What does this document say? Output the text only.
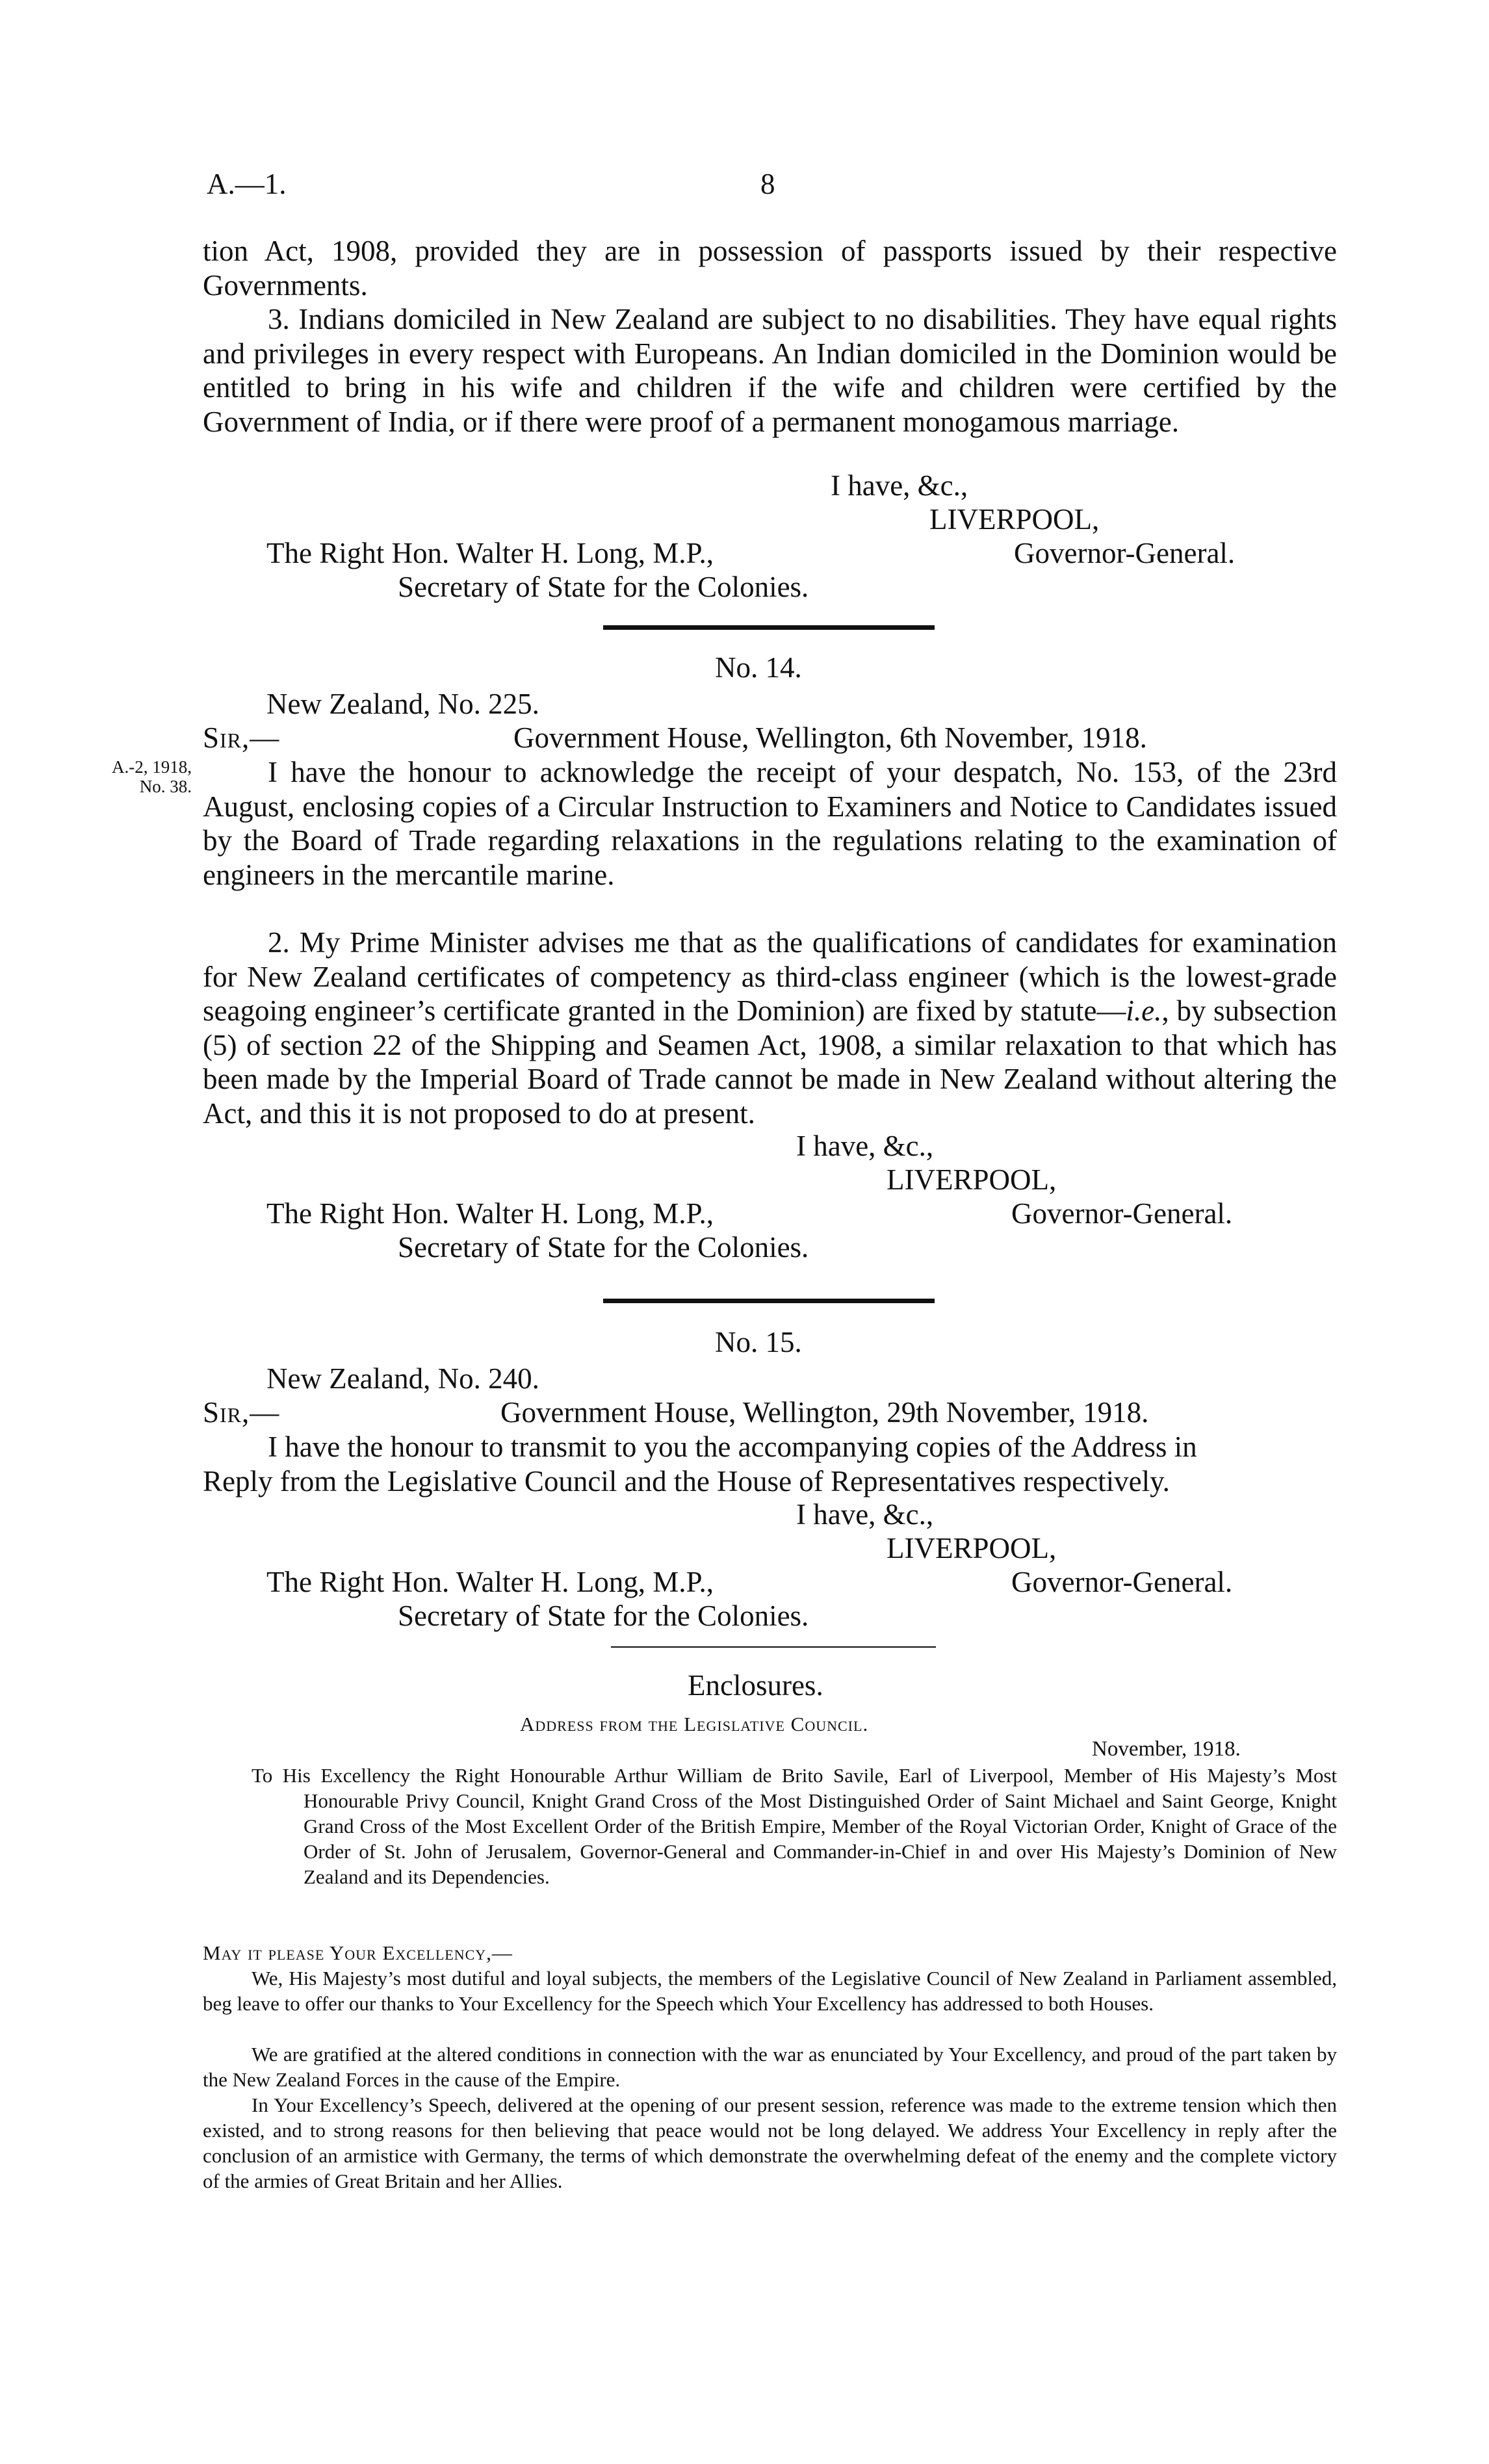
A.—1.	8
tion Act, 1908, provided they are in possession of passports issued by their respective Governments.
3. Indians domiciled in New Zealand are subject to no disabilities. They have equal rights and privileges in every respect with Europeans. An Indian domiciled in the Dominion would be entitled to bring in his wife and children if the wife and children were certified by the Government of India, or if there were proof of a permanent monogamous marriage.
I have, &c.,
LIVERPOOL,
The Right Hon. Walter H. Long, M.P.,	Governor-General.
Secretary of State for the Colonies.
No. 14.
New Zealand, No. 225.
Sir,—	Government House, Wellington, 6th November, 1918.
A.-2, 1918,
No. 38.	I have the honour to acknowledge the receipt of your despatch, No. 153, of the 23rd August, enclosing copies of a Circular Instruction to Examiners and Notice to Candidates issued by the Board of Trade regarding relaxations in the regulations relating to the examination of engineers in the mercantile marine.
2. My Prime Minister advises me that as the qualifications of candidates for examination for New Zealand certificates of competency as third-class engineer (which is the lowest-grade seagoing engineer’s certificate granted in the Dominion) are fixed by statute—i.e., by subsection (5) of section 22 of the Shipping and Seamen Act, 1908, a similar relaxation to that which has been made by the Imperial Board of Trade cannot be made in New Zealand without altering the Act, and this it is not proposed to do at present.
I have, &c.,
LIVERPOOL,
The Right Hon. Walter H. Long, M.P.,	Governor-General.
Secretary of State for the Colonies.
No. 15.
New Zealand, No. 240.
Sir,—	Government House, Wellington, 29th November, 1918.
I have the honour to transmit to you the accompanying copies of the Address in Reply from the Legislative Council and the House of Representatives respectively.
I have, &c.,
LIVERPOOL,
The Right Hon. Walter H. Long, M.P.,	Governor-General.
Secretary of State for the Colonies.
Enclosures.
Address from the Legislative Council.
November, 1918.
To His Excellency the Right Honourable Arthur William de Brito Savile, Earl of Liverpool, Member of His Majesty’s Most Honourable Privy Council, Knight Grand Cross of the Most Distinguished Order of Saint Michael and Saint George, Knight Grand Cross of the Most Excellent Order of the British Empire, Member of the Royal Victorian Order, Knight of Grace of the Order of St. John of Jerusalem, Governor-General and Commander-in-Chief in and over His Majesty’s Dominion of New Zealand and its Dependencies.
May it please Your Excellency,—
We, His Majesty’s most dutiful and loyal subjects, the members of the Legislative Council of New Zealand in Parliament assembled, beg leave to offer our thanks to Your Excellency for the Speech which Your Excellency has addressed to both Houses.
We are gratified at the altered conditions in connection with the war as enunciated by Your Excellency, and proud of the part taken by the New Zealand Forces in the cause of the Empire.
In Your Excellency’s Speech, delivered at the opening of our present session, reference was made to the extreme tension which then existed, and to strong reasons for then believing that peace would not be long delayed. We address Your Excellency in reply after the conclusion of an armistice with Germany, the terms of which demonstrate the overwhelming defeat of the enemy and the complete victory of the armies of Great Britain and her Allies.
